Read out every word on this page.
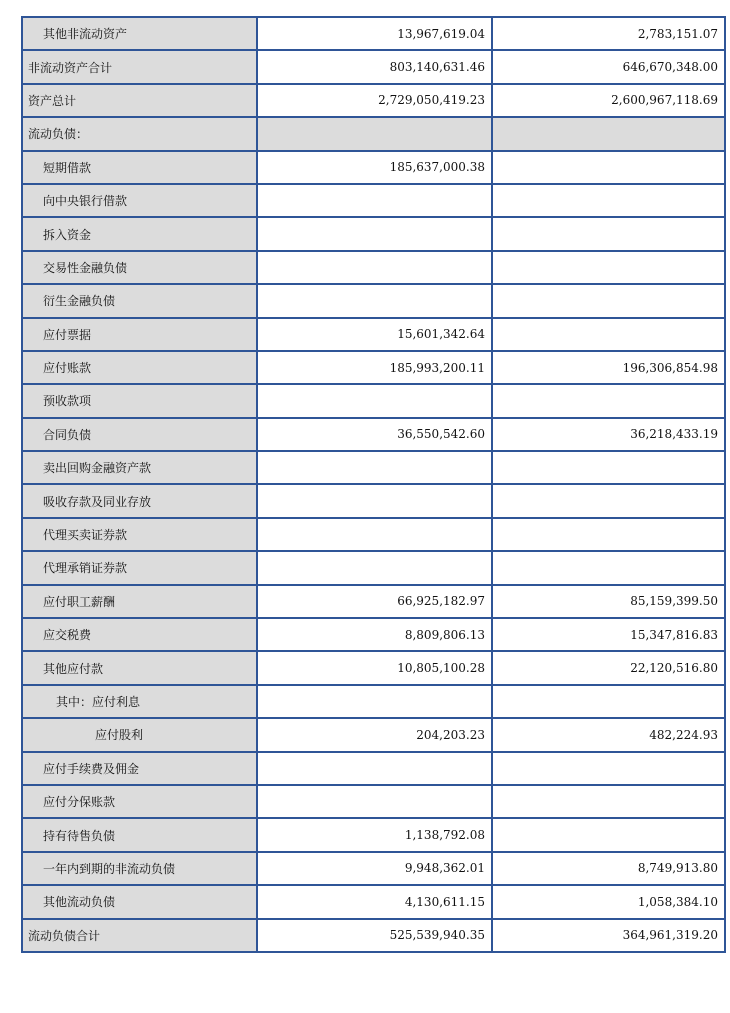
其他非流动资产	13,967,619.04	2,783,151.07
非流动资产合计	803,140,631.46	646,670,348.00
资产总计	2,729,050,419.23	2,600,967,118.69
流动负债：		
短期借款	185,637,000.38	
向中央银行借款		
拆入资金		
交易性金融负债		
衍生金融负债		
应付票据	15,601,342.64	
应付账款	185,993,200.11	196,306,854.98
预收款项		
合同负债	36,550,542.60	36,218,433.19
卖出回购金融资产款		
吸收存款及同业存放		
代理买卖证券款		
代理承销证券款		
应付职工薪酬	66,925,182.97	85,159,399.50
应交税费	8,809,806.13	15,347,816.83
其他应付款	10,805,100.28	22,120,516.80
其中：应付利息		
应付股利	204,203.23	482,224.93
应付手续费及佣金		
应付分保账款		
持有待售负债	1,138,792.08	
一年内到期的非流动负债	9,948,362.01	8,749,913.80
其他流动负债	4,130,611.15	1,058,384.10
流动负债合计	525,539,940.35	364,961,319.20
